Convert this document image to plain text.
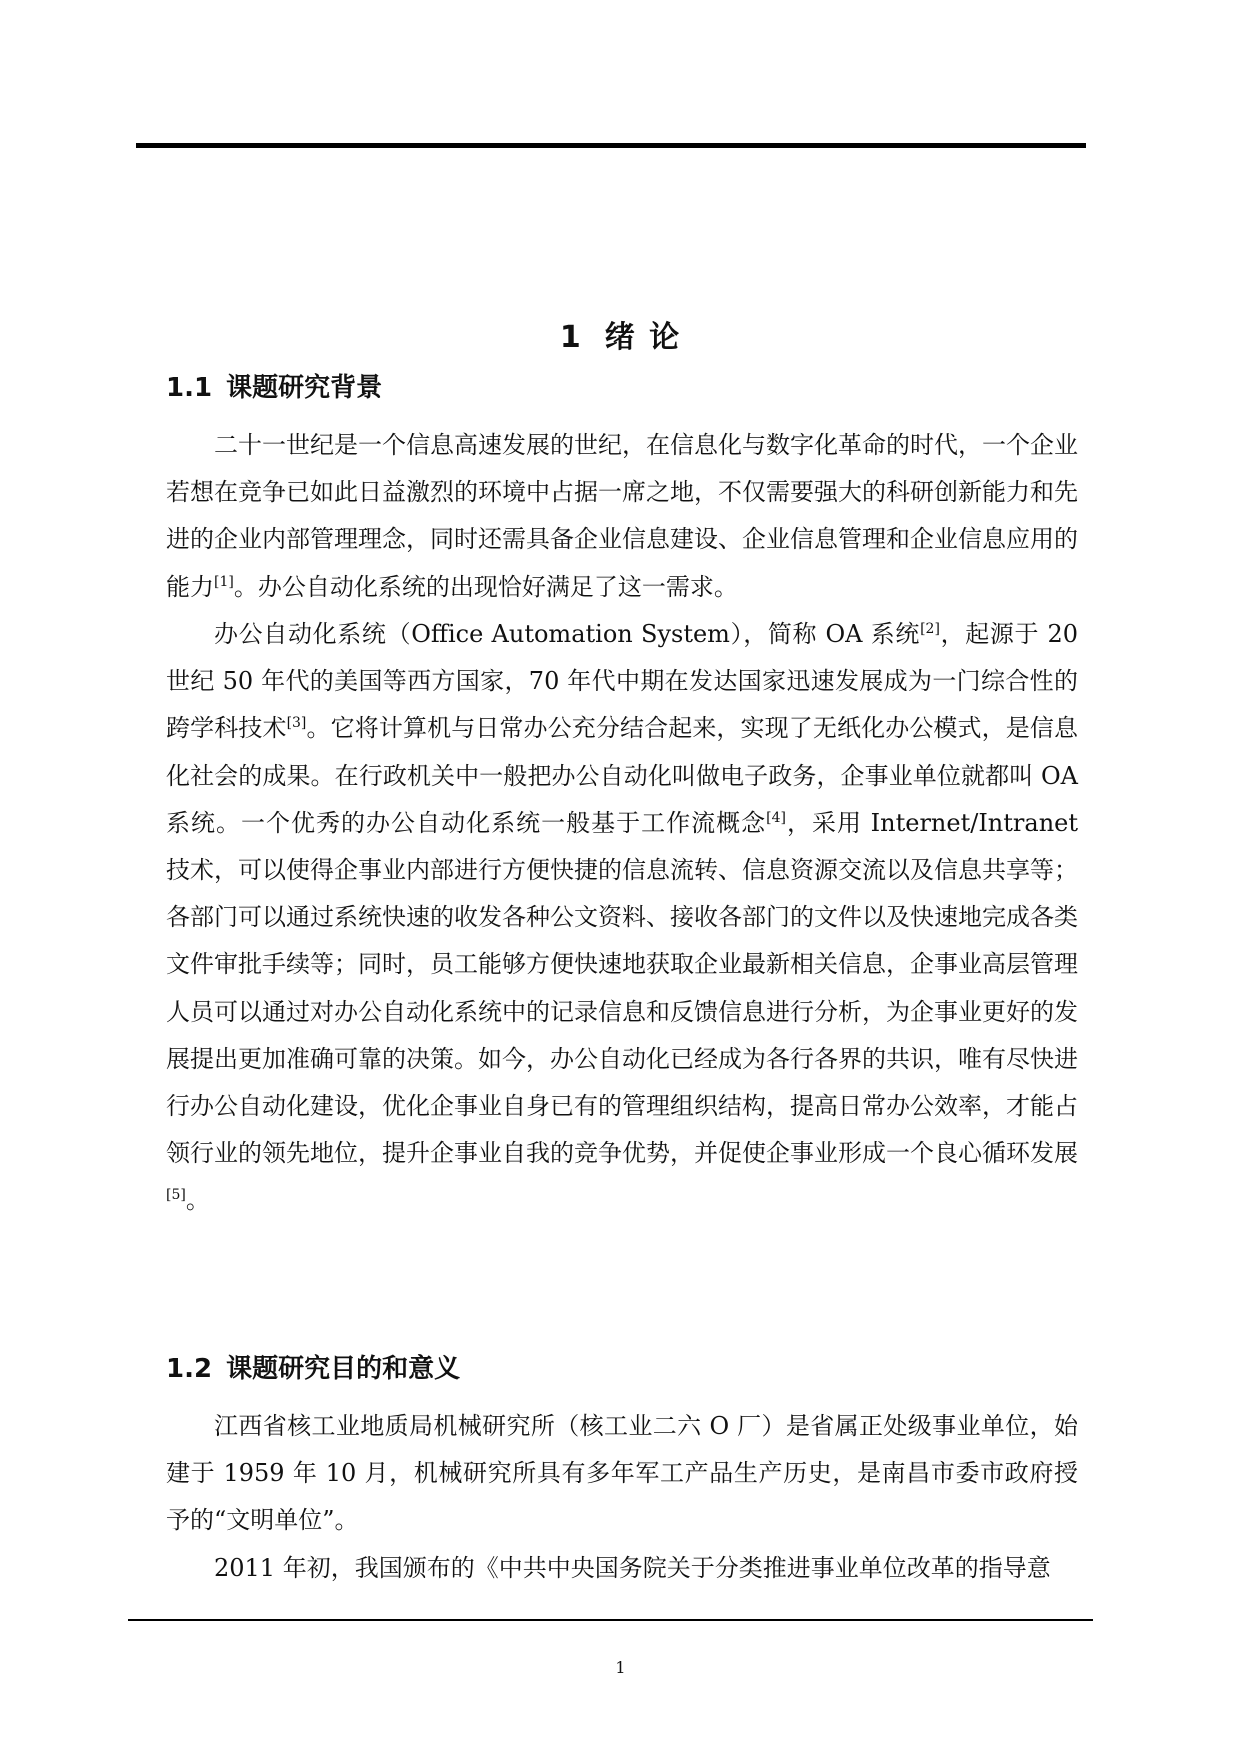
1 绪 论
1.1 课题研究背景

二十一世纪是一个信息高速发展的世纪，在信息化与数字化革命的时代，一个企业若想在竞争已如此日益激烈的环境中占据一席之地，不仅需要强大的科研创新能力和先进的企业内部管理理念，同时还需具备企业信息建设、企业信息管理和企业信息应用的能力[1]。办公自动化系统的出现恰好满足了这一需求。

办公自动化系统（Office Automation System），简称 OA 系统[2]，起源于 20 世纪 50 年代的美国等西方国家，70 年代中期在发达国家迅速发展成为一门综合性的跨学科技术[3]。它将计算机与日常办公充分结合起来，实现了无纸化办公模式，是信息化社会的成果。在行政机关中一般把办公自动化叫做电子政务，企事业单位就都叫 OA 系统。一个优秀的办公自动化系统一般基于工作流概念[4]，采用 Internet/Intranet 技术，可以使得企事业内部进行方便快捷的信息流转、信息资源交流以及信息共享等；各部门可以通过系统快速的收发各种公文资料、接收各部门的文件以及快速地完成各类文件审批手续等；同时，员工能够方便快速地获取企业最新相关信息，企事业高层管理人员可以通过对办公自动化系统中的记录信息和反馈信息进行分析，为企事业更好的发展提出更加准确可靠的决策。如今，办公自动化已经成为各行各界的共识，唯有尽快进行办公自动化建设，优化企事业自身已有的管理组织结构，提高日常办公效率，才能占领行业的领先地位，提升企事业自我的竞争优势，并促使企事业形成一个良心循环发展 [5]。

1.2 课题研究目的和意义

江西省核工业地质局机械研究所（核工业二六 O 厂）是省属正处级事业单位，始建于 1959 年 10 月，机械研究所具有多年军工产品生产历史，是南昌市委市政府授予的“文明单位”。

2011 年初，我国颁布的《中共中央国务院关于分类推进事业单位改革的指导意

1
